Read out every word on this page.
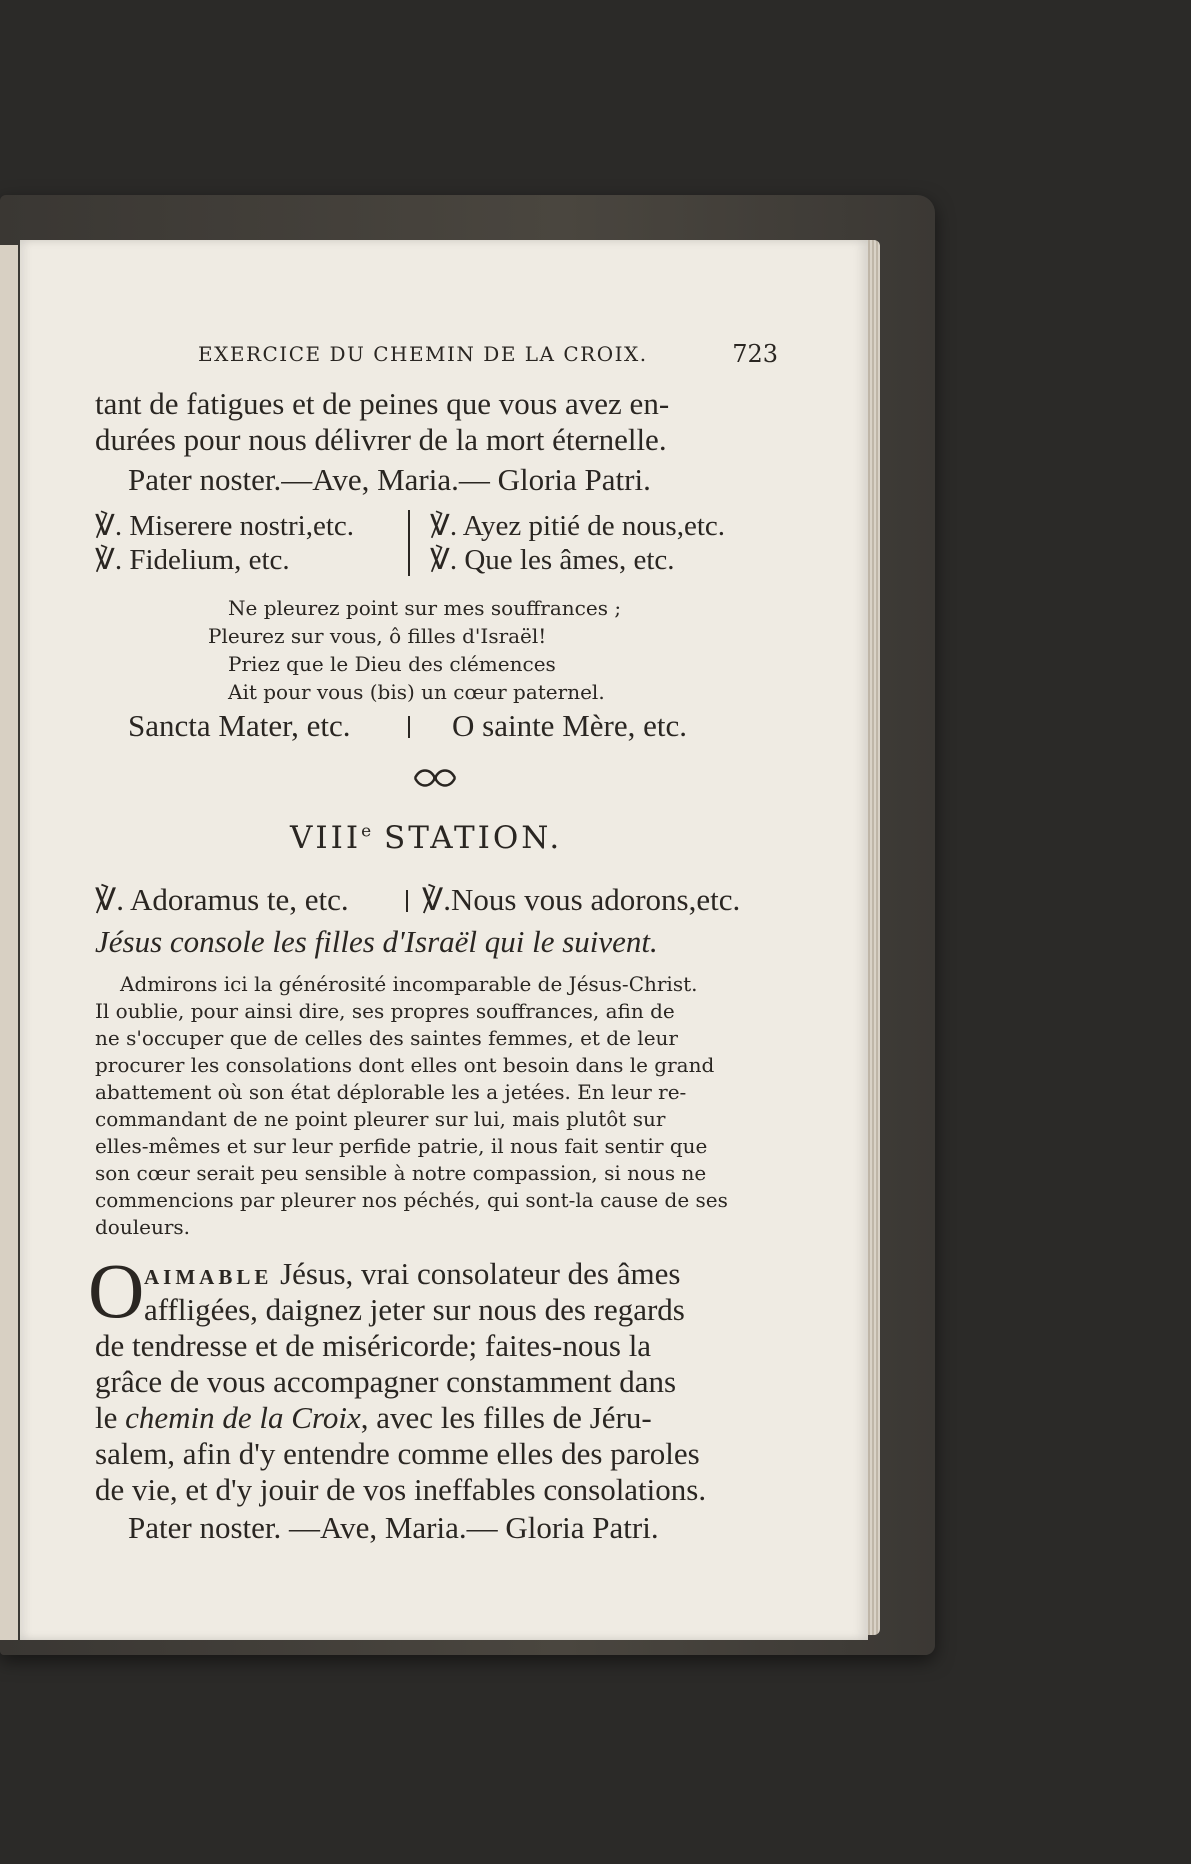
EXERCICE DU CHEMIN DE LA CROIX.	723
tant de fatigues et de peines que vous avez en-
durées pour nous délivrer de la mort éternelle.
Pater noster.—Ave, Maria.— Gloria Patri.
℣. Miserere nostri,etc.
℣. Fidelium, etc.
℣. Ayez pitié de nous,etc.
℣. Que les âmes, etc.
Ne pleurez point sur mes souffrances ;
Pleurez sur vous, ô filles d'Israël!
Priez que le Dieu des clémences
Ait pour vous (bis) un cœur paternel.
Sancta Mater, etc.	O sainte Mère, etc.
VIIIe STATION.
℣. Adoramus te, etc. ℣.Nous vous adorons,etc.
Jésus console les filles d'Israël qui le suivent.
Admirons ici la générosité incomparable de Jésus-Christ.
Il oublie, pour ainsi dire, ses propres souffrances, afin de
ne s'occuper que de celles des saintes femmes, et de leur
procurer les consolations dont elles ont besoin dans le grand
abattement où son état déplorable les a jetées. En leur re-
commandant de ne point pleurer sur lui, mais plutôt sur
elles-mêmes et sur leur perfide patrie, il nous fait sentir que
son cœur serait peu sensible à notre compassion, si nous ne
commencions par pleurer nos péchés, qui sont-la cause de ses
douleurs.
O AIMABLE Jésus, vrai consolateur des âmes
affligées, daignez jeter sur nous des regards
de tendresse et de miséricorde; faites-nous la
grâce de vous accompagner constamment dans
le chemin de la Croix, avec les filles de Jéru-
salem, afin d'y entendre comme elles des paroles
de vie, et d'y jouir de vos ineffables consolations.
Pater noster. —Ave, Maria.— Gloria Patri.
